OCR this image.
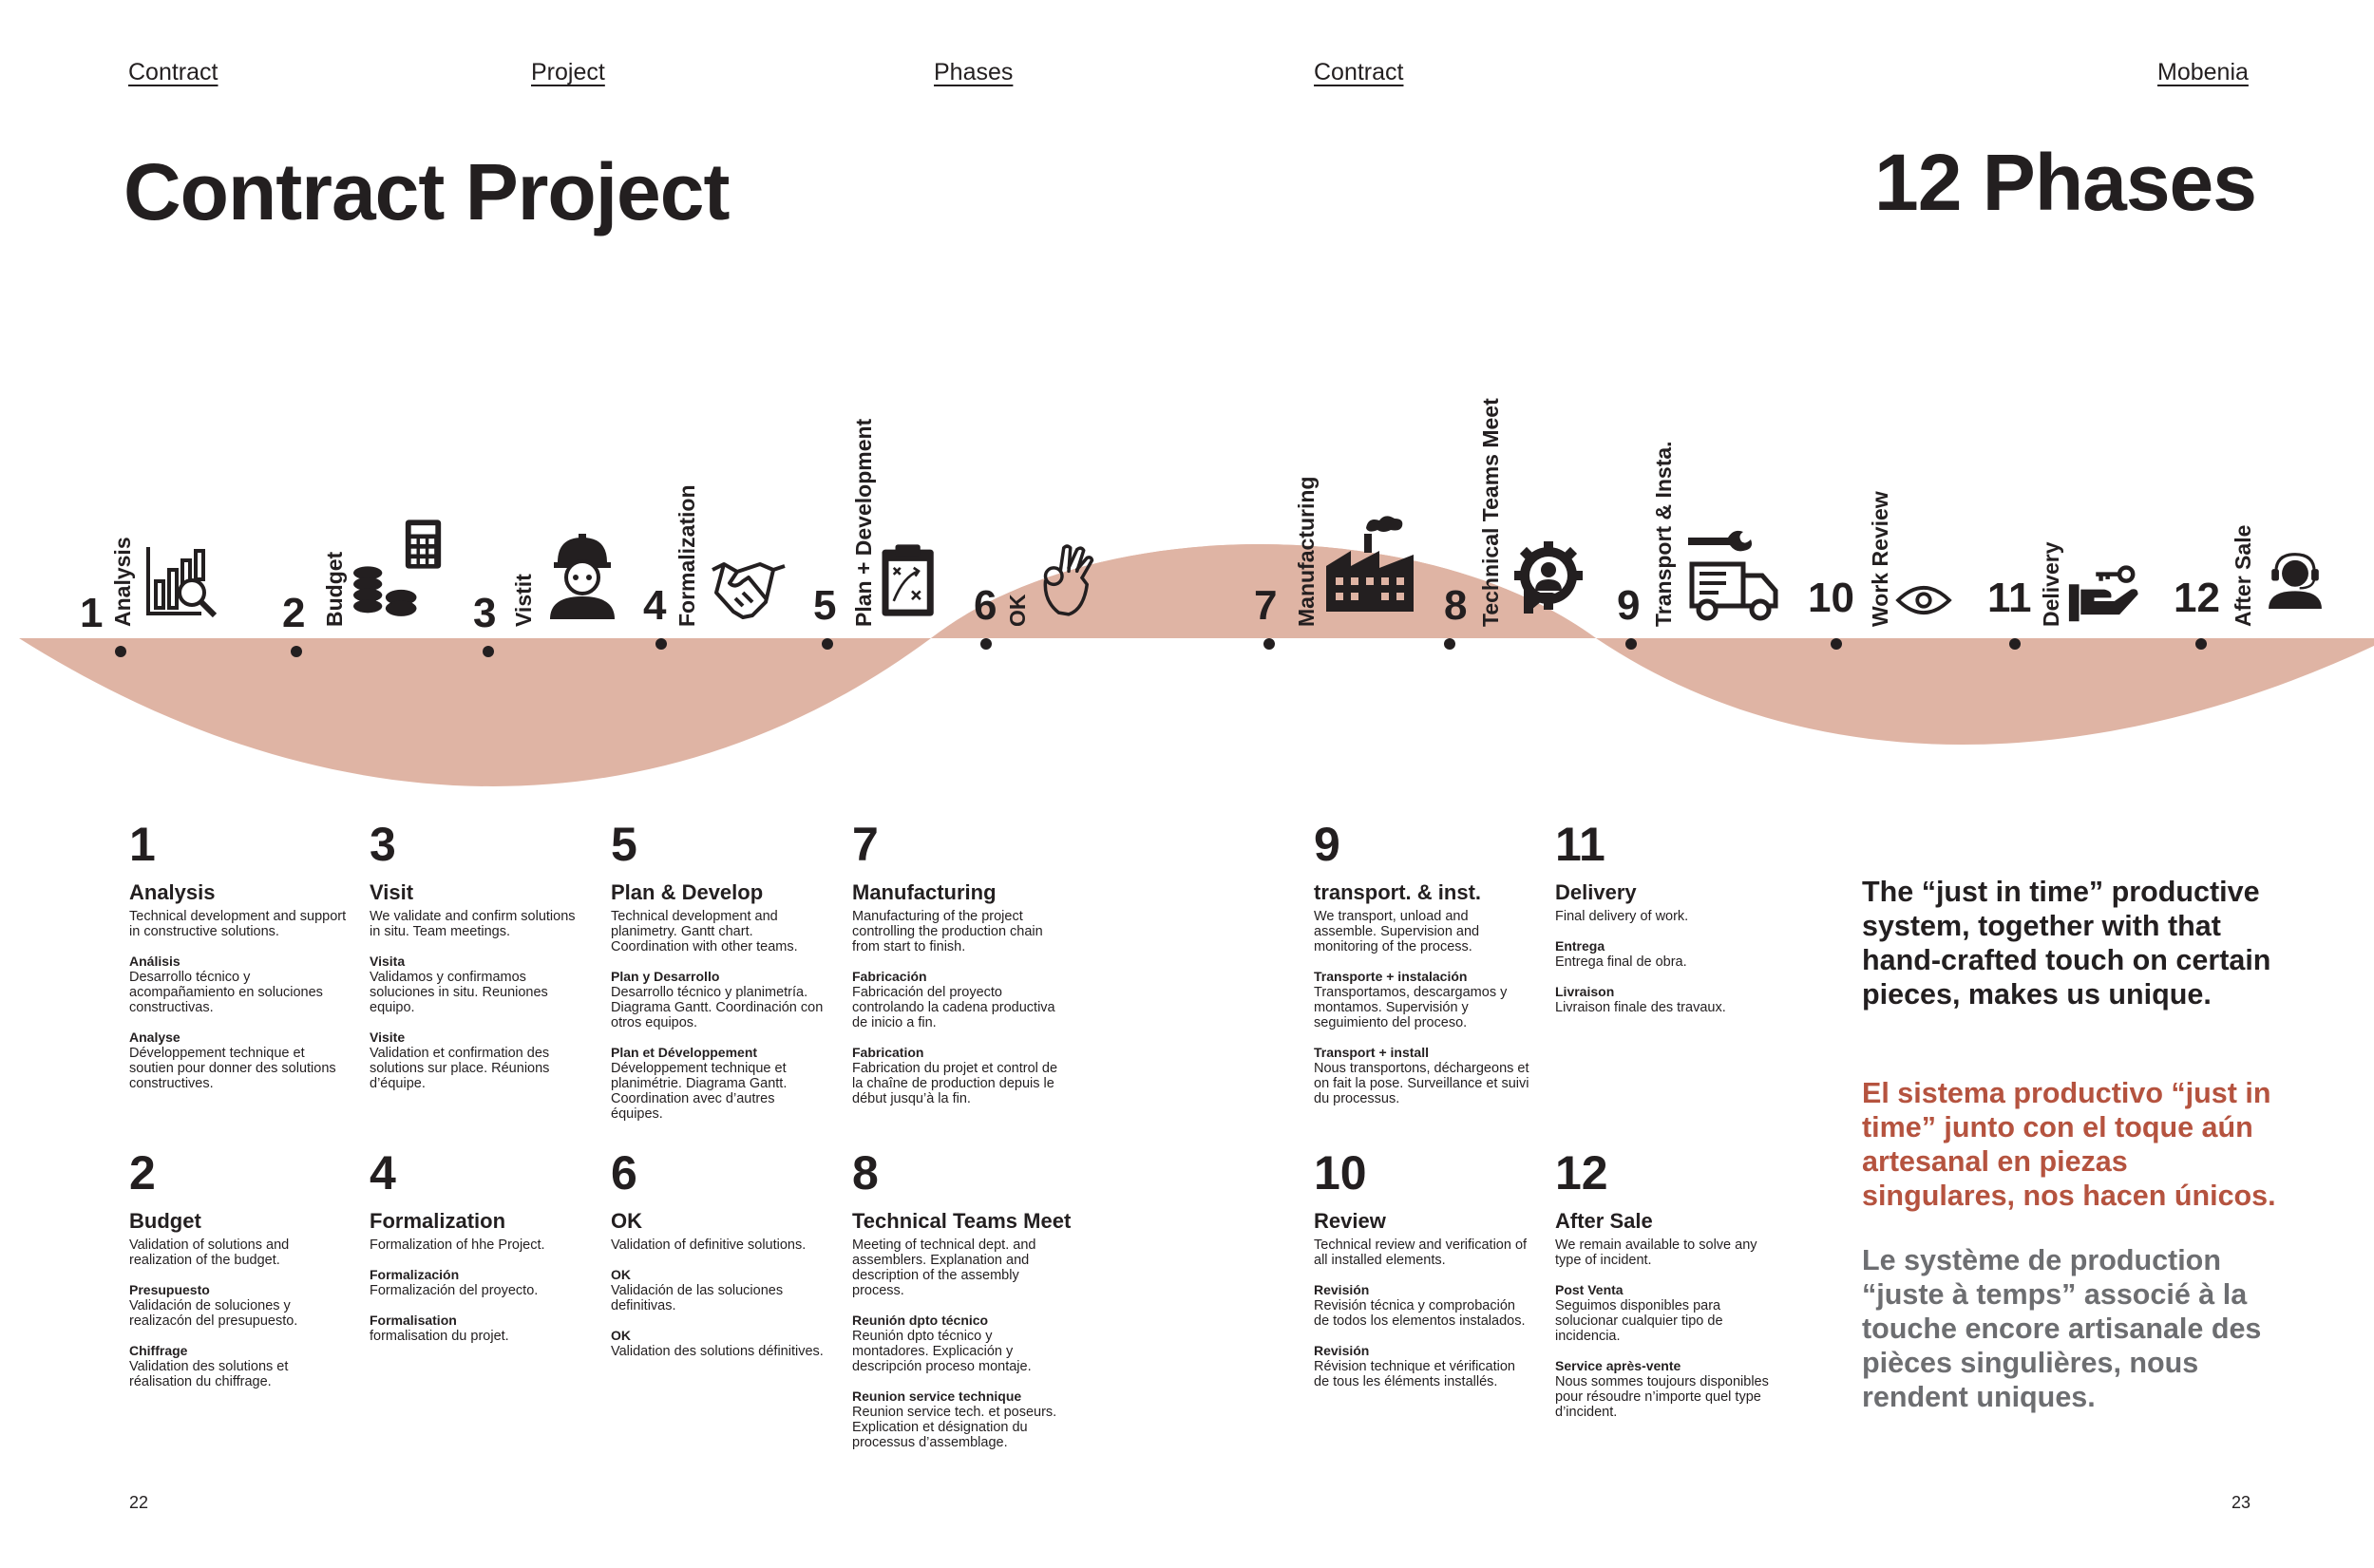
Contract	Project	Phases	Contract	Mobenia
Contract Project	12 Phases
1 Analysis	2 Budget	3 Vistit	4 Formalization	5 Plan + Development 6 OK	7 Manufacturing	8 Technical Teams Meet	9 Transport & Insta.	10 Work Review 11 Delivery	12 After Sale
1
Analysis
Technical development and support in constructive solutions.
Análisis
Desarrollo técnico y acompañamiento en soluciones constructivas.
Analyse
Développement technique et soutien pour donner des solutions constructives.
3
Visit
We validate and confirm solutions in situ. Team meetings.
Visita
Validamos y confirmamos soluciones in situ. Reuniones equipo.
Visite
Validation et confirmation des solutions sur place. Réunions d’équipe.
5
Plan & Develop
Technical development and planimetry. Gantt chart. Coordination with other teams.
Plan y Desarrollo
Desarrollo técnico y planimetría. Diagrama Gantt. Coordinación con otros equipos.
Plan et Développement
Développement technique et planimétrie. Diagrama Gantt. Coordination avec d’autres équipes.
7
Manufacturing
Manufacturing of the project controlling the production chain from start to finish.
Fabricación
Fabricación del proyecto controlando la cadena productiva de inicio a fin.
Fabrication
Fabrication du projet et control de la chaîne de production depuis le début jusqu’à la fin.
9
transport. & inst.
We transport, unload and assemble. Supervision and monitoring of the process.
Transporte + instalación
Transportamos, descargamos y montamos. Supervisión y seguimiento del proceso.
Transport + install
Nous transportons, déchargeons et on fait la pose. Surveillance et suivi du processus.
11
Delivery
Final delivery of work.
Entrega
Entrega final de obra.
Livraison
Livraison finale des travaux.
2
Budget
Validation of solutions and realization of the budget.
Presupuesto
Validación de soluciones y realizacón del presupuesto.
Chiffrage
Validation des solutions et réalisation du chiffrage.
4
Formalization
Formalization of hhe Project.
Formalización
Formalización del proyecto.
Formalisation
formalisation du projet.
6
OK
Validation of definitive solutions.
OK
Validación de las soluciones definitivas.
OK
Validation des solutions définitives.
8
Technical Teams Meet
Meeting of technical dept. and assemblers. Explanation and description of the assembly process.
Reunión dpto técnico
Reunión dpto técnico y montadores. Explicación y descripción proceso montaje.
Reunion service technique
Reunion service tech. et poseurs. Explication et désignation du processus d’assemblage.
10
Review
Technical review and verification of all installed elements.
Revisión
Revisión técnica y comprobación de todos los elementos instalados.
Revisión
Révision technique et vérification de tous les éléments installés.
12
After Sale
We remain available to solve any type of incident.
Post Venta
Seguimos disponibles para solucionar cualquier tipo de incidencia.
Service après-vente
Nous sommes toujours disponibles pour résoudre n’importe quel type d’incident.

The “just in time” productive system, together with that hand-crafted touch on certain pieces, makes us unique.

El sistema productivo “just in time” junto con el toque aún artesanal en piezas singulares, nos hacen únicos.

Le système de production “juste à temps” associé à la touche encore artisanale des pièces singulières, nous rendent uniques.

22	23
